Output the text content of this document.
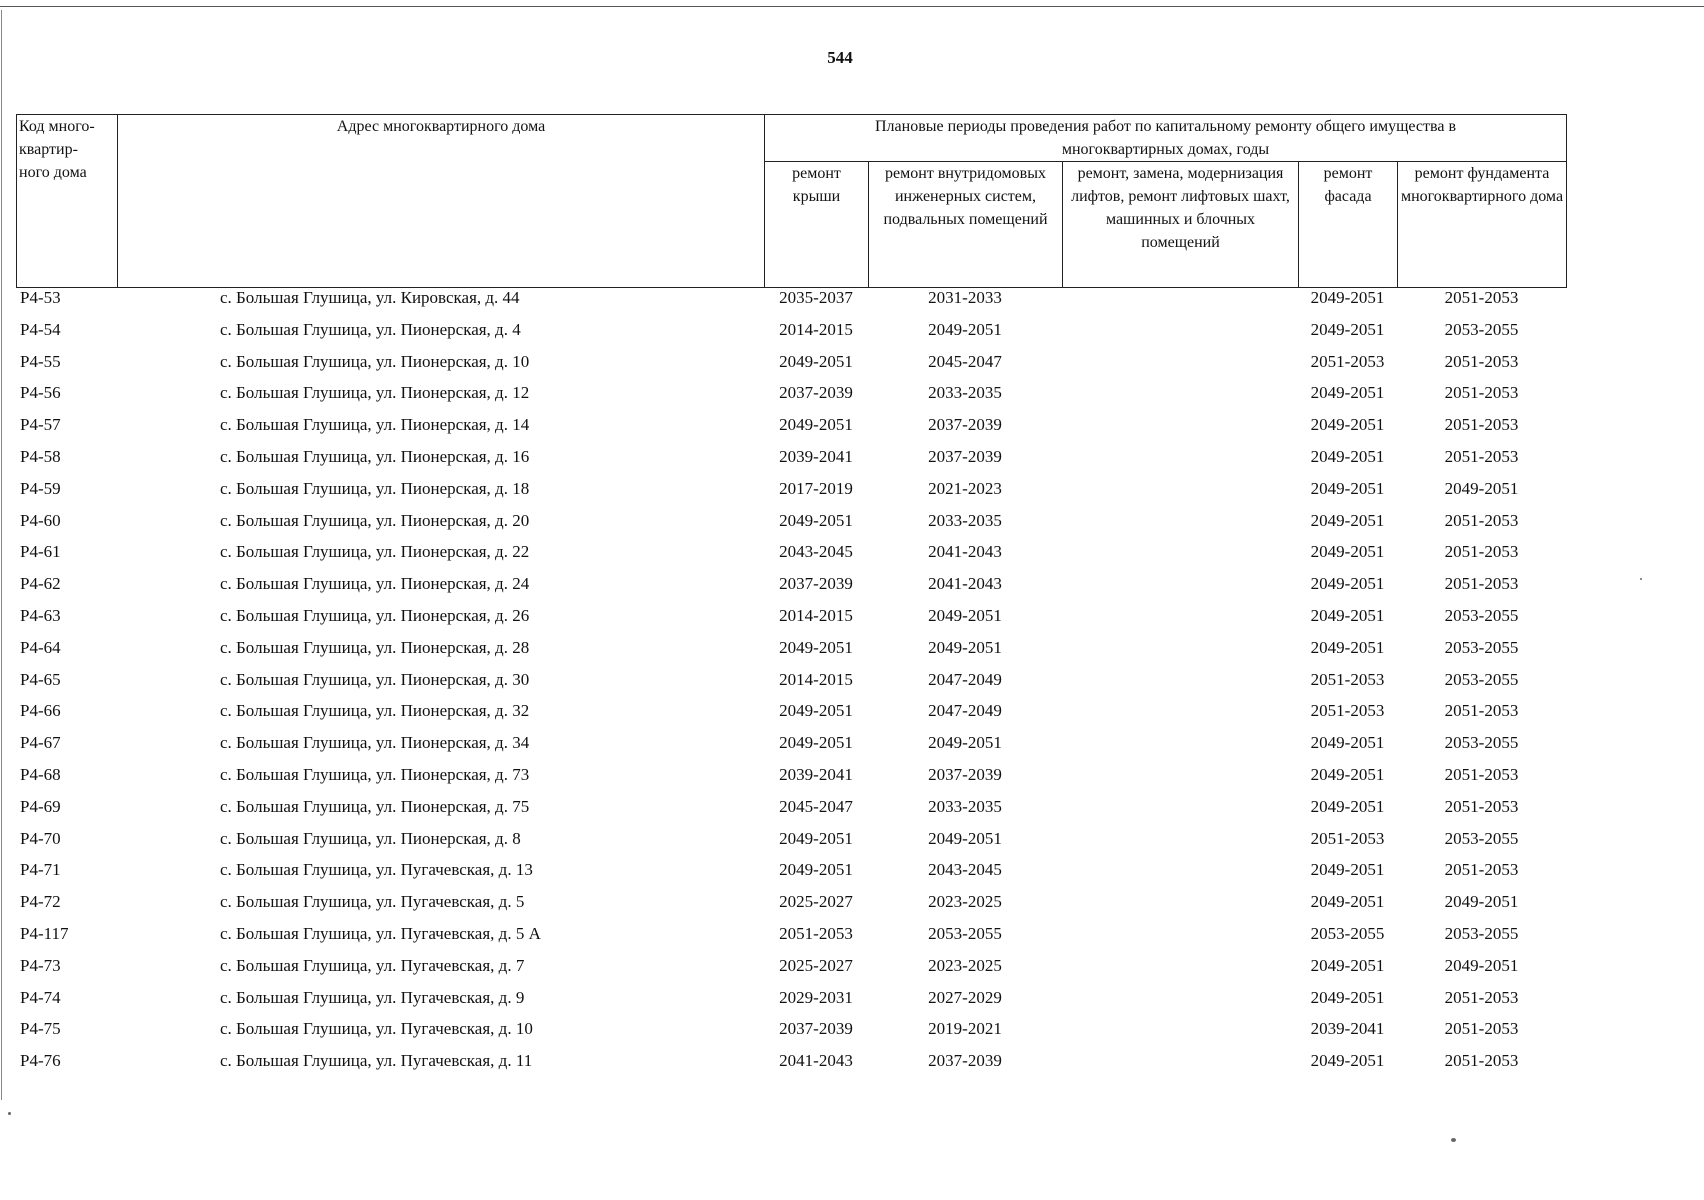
544
Код много-
квартир-
ного дома	Адрес многоквартирного дома	Плановые периоды проведения работ по капитальному ремонту общего имущества в многоквартирных домах, годы				
		ремонт крыши	ремонт внутридомовых инженерных систем, подвальных помещений	ремонт, замена, модернизация лифтов, ремонт лифтовых шахт, машинных и блочных помещений	ремонт фасада	ремонт фундамента многоквартирного дома
Р4-53	с. Большая Глушица, ул. Кировская, д. 44	2035-2037	2031-2033		2049-2051	2051-2053
Р4-54	с. Большая Глушица, ул. Пионерская, д. 4	2014-2015	2049-2051		2049-2051	2053-2055
Р4-55	с. Большая Глушица, ул. Пионерская, д. 10	2049-2051	2045-2047		2051-2053	2051-2053
Р4-56	с. Большая Глушица, ул. Пионерская, д. 12	2037-2039	2033-2035		2049-2051	2051-2053
Р4-57	с. Большая Глушица, ул. Пионерская, д. 14	2049-2051	2037-2039		2049-2051	2051-2053
Р4-58	с. Большая Глушица, ул. Пионерская, д. 16	2039-2041	2037-2039		2049-2051	2051-2053
Р4-59	с. Большая Глушица, ул. Пионерская, д. 18	2017-2019	2021-2023		2049-2051	2049-2051
Р4-60	с. Большая Глушица, ул. Пионерская, д. 20	2049-2051	2033-2035		2049-2051	2051-2053
Р4-61	с. Большая Глушица, ул. Пионерская, д. 22	2043-2045	2041-2043		2049-2051	2051-2053
Р4-62	с. Большая Глушица, ул. Пионерская, д. 24	2037-2039	2041-2043		2049-2051	2051-2053
Р4-63	с. Большая Глушица, ул. Пионерская, д. 26	2014-2015	2049-2051		2049-2051	2053-2055
Р4-64	с. Большая Глушица, ул. Пионерская, д. 28	2049-2051	2049-2051		2049-2051	2053-2055
Р4-65	с. Большая Глушица, ул. Пионерская, д. 30	2014-2015	2047-2049		2051-2053	2053-2055
Р4-66	с. Большая Глушица, ул. Пионерская, д. 32	2049-2051	2047-2049		2051-2053	2051-2053
Р4-67	с. Большая Глушица, ул. Пионерская, д. 34	2049-2051	2049-2051		2049-2051	2053-2055
Р4-68	с. Большая Глушица, ул. Пионерская, д. 73	2039-2041	2037-2039		2049-2051	2051-2053
Р4-69	с. Большая Глушица, ул. Пионерская, д. 75	2045-2047	2033-2035		2049-2051	2051-2053
Р4-70	с. Большая Глушица, ул. Пионерская, д. 8	2049-2051	2049-2051		2051-2053	2053-2055
Р4-71	с. Большая Глушица, ул. Пугачевская, д. 13	2049-2051	2043-2045		2049-2051	2051-2053
Р4-72	с. Большая Глушица, ул. Пугачевская, д. 5	2025-2027	2023-2025		2049-2051	2049-2051
Р4-117	с. Большая Глушица, ул. Пугачевская, д. 5 А	2051-2053	2053-2055		2053-2055	2053-2055
Р4-73	с. Большая Глушица, ул. Пугачевская, д. 7	2025-2027	2023-2025		2049-2051	2049-2051
Р4-74	с. Большая Глушица, ул. Пугачевская, д. 9	2029-2031	2027-2029		2049-2051	2051-2053
Р4-75	с. Большая Глушица, ул. Пугачевская, д. 10	2037-2039	2019-2021		2039-2041	2051-2053
Р4-76	с. Большая Глушица, ул. Пугачевская, д. 11	2041-2043	2037-2039		2049-2051	2051-2053
